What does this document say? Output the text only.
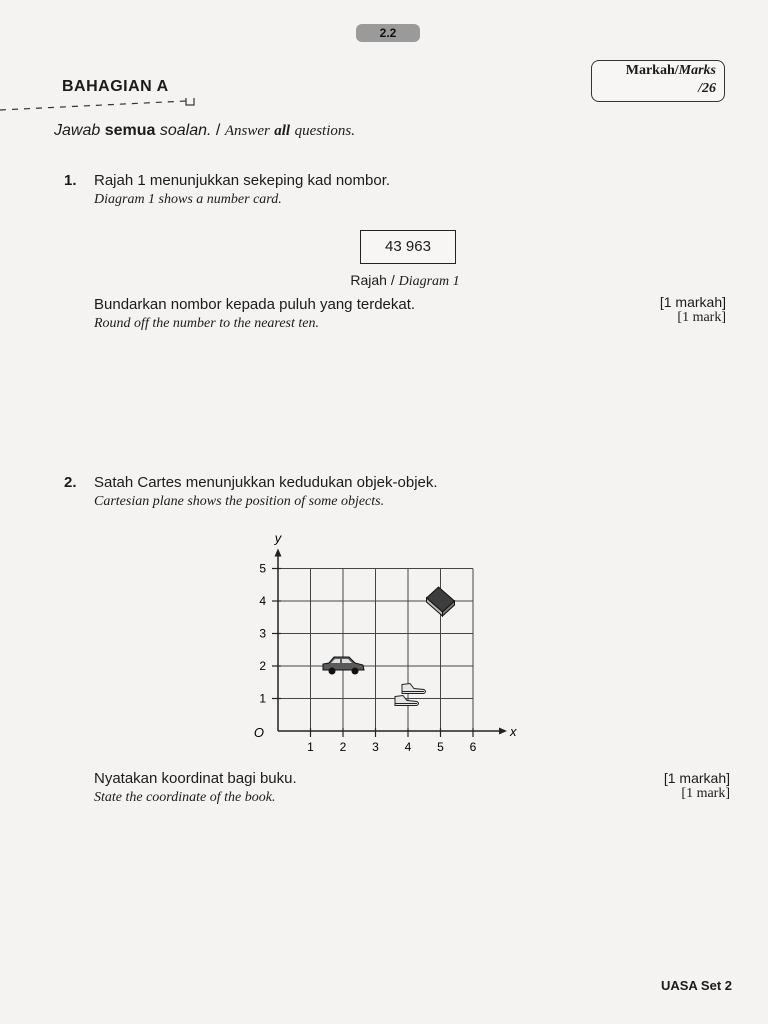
2.2
BAHAGIAN A
Markah/Marks
/26
Jawab semua soalan. / Answer all questions.
1. Rajah 1 menunjukkan sekeping kad nombor.
Diagram 1 shows a number card.
43 963
Rajah / Diagram 1
Bundarkan nombor kepada puluh yang terdekat.
Round off the number to the nearest ten.
[1 markah]
[1 mark]
2. Satah Cartes menunjukkan kedudukan objek-objek.
Cartesian plane shows the position of some objects.
1 2 3 4 5 6
1
2
3
4
5
O	x
y
Nyatakan koordinat bagi buku.
State the coordinate of the book.
[1 markah]
[1 mark]
UASA Set 2
